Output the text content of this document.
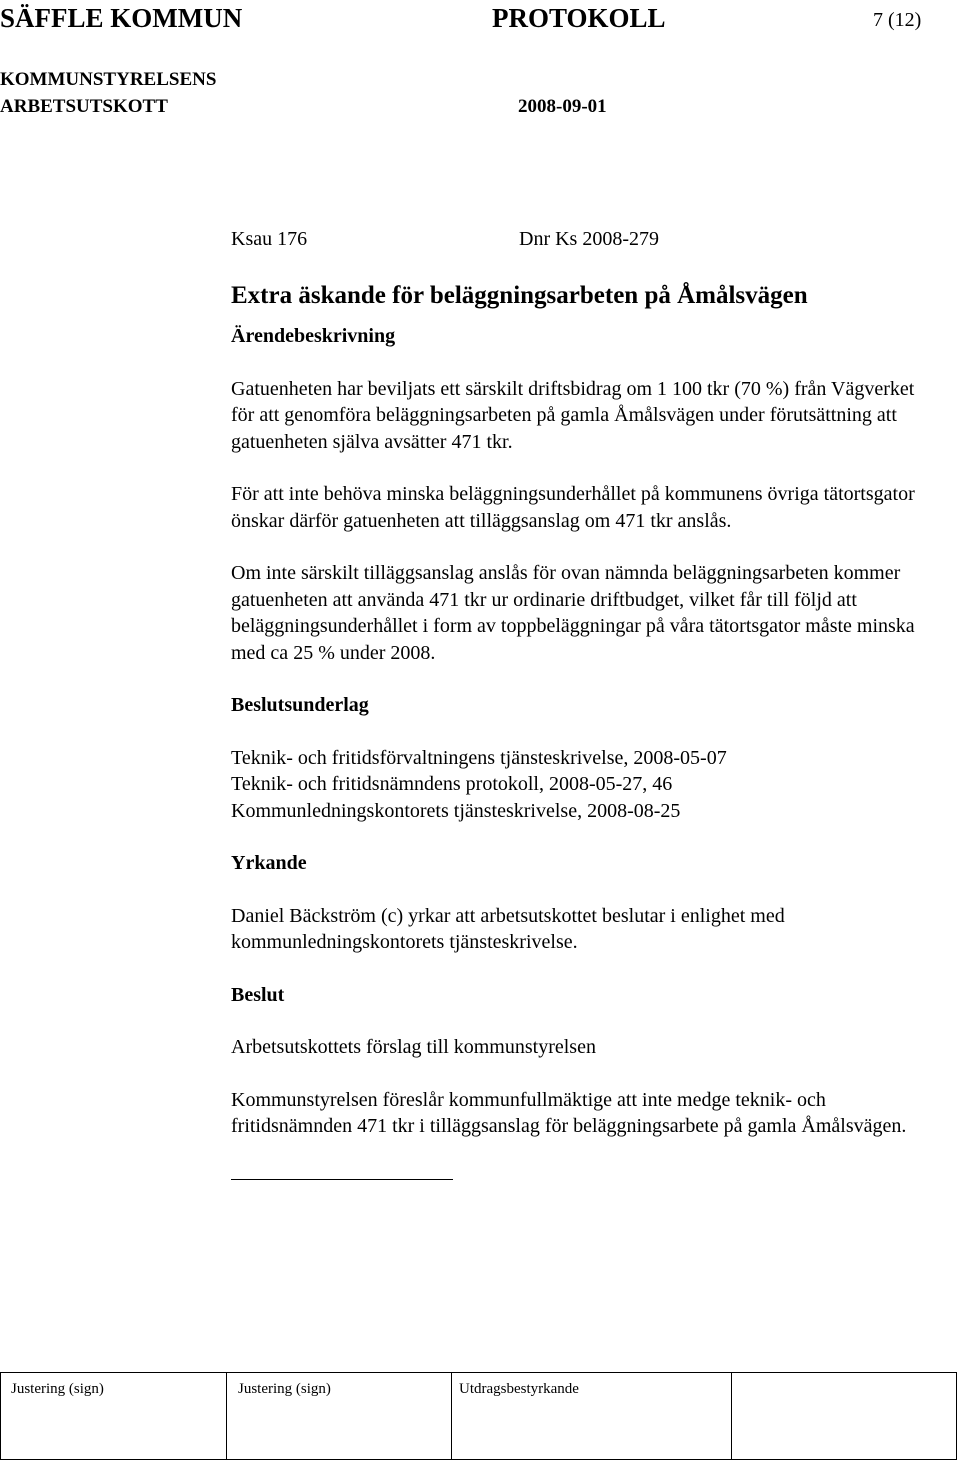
SÄFFLE KOMMUN	PROTOKOLL	7 (12)
KOMMUNSTYRELSENS
ARBETSUTSKOTT	2008-09-01
Ksau 176	Dnr Ks 2008-279
Extra äskande för beläggningsarbeten på Åmålsvägen
Ärendebeskrivning

Gatuenheten har beviljats ett särskilt driftsbidrag om 1 100 tkr (70 %) från Vägverket för att genomföra beläggningsarbeten på gamla Åmålsvägen under förutsättning att gatuenheten själva avsätter 471 tkr.

För att inte behöva minska beläggningsunderhållet på kommunens övriga tätortsgator önskar därför gatuenheten att tilläggsanslag om 471 tkr anslås.

Om inte särskilt tilläggsanslag anslås för ovan nämnda beläggningsarbeten kommer gatuenheten att använda 471 tkr ur ordinarie driftbudget, vilket får till följd att beläggningsunderhållet i form av toppbeläggningar på våra tätortsgator måste minska med ca 25 % under 2008.

Beslutsunderlag
Teknik- och fritidsförvaltningens tjänsteskrivelse, 2008-05-07
Teknik- och fritidsnämndens protokoll, 2008-05-27, 46
Kommunledningskontorets tjänsteskrivelse, 2008-08-25
Yrkande

Daniel Bäckström (c) yrkar att arbetsutskottet beslutar i enlighet med kommunledningskontorets tjänsteskrivelse.

Beslut

Arbetsutskottets förslag till kommunstyrelsen

Kommunstyrelsen föreslår kommunfullmäktige att inte medge teknik- och fritidsnämnden 471 tkr i tilläggsanslag för beläggningsarbete på gamla Åmålsvägen.

Justering (sign)	Justering (sign)	Utdragsbestyrkande
